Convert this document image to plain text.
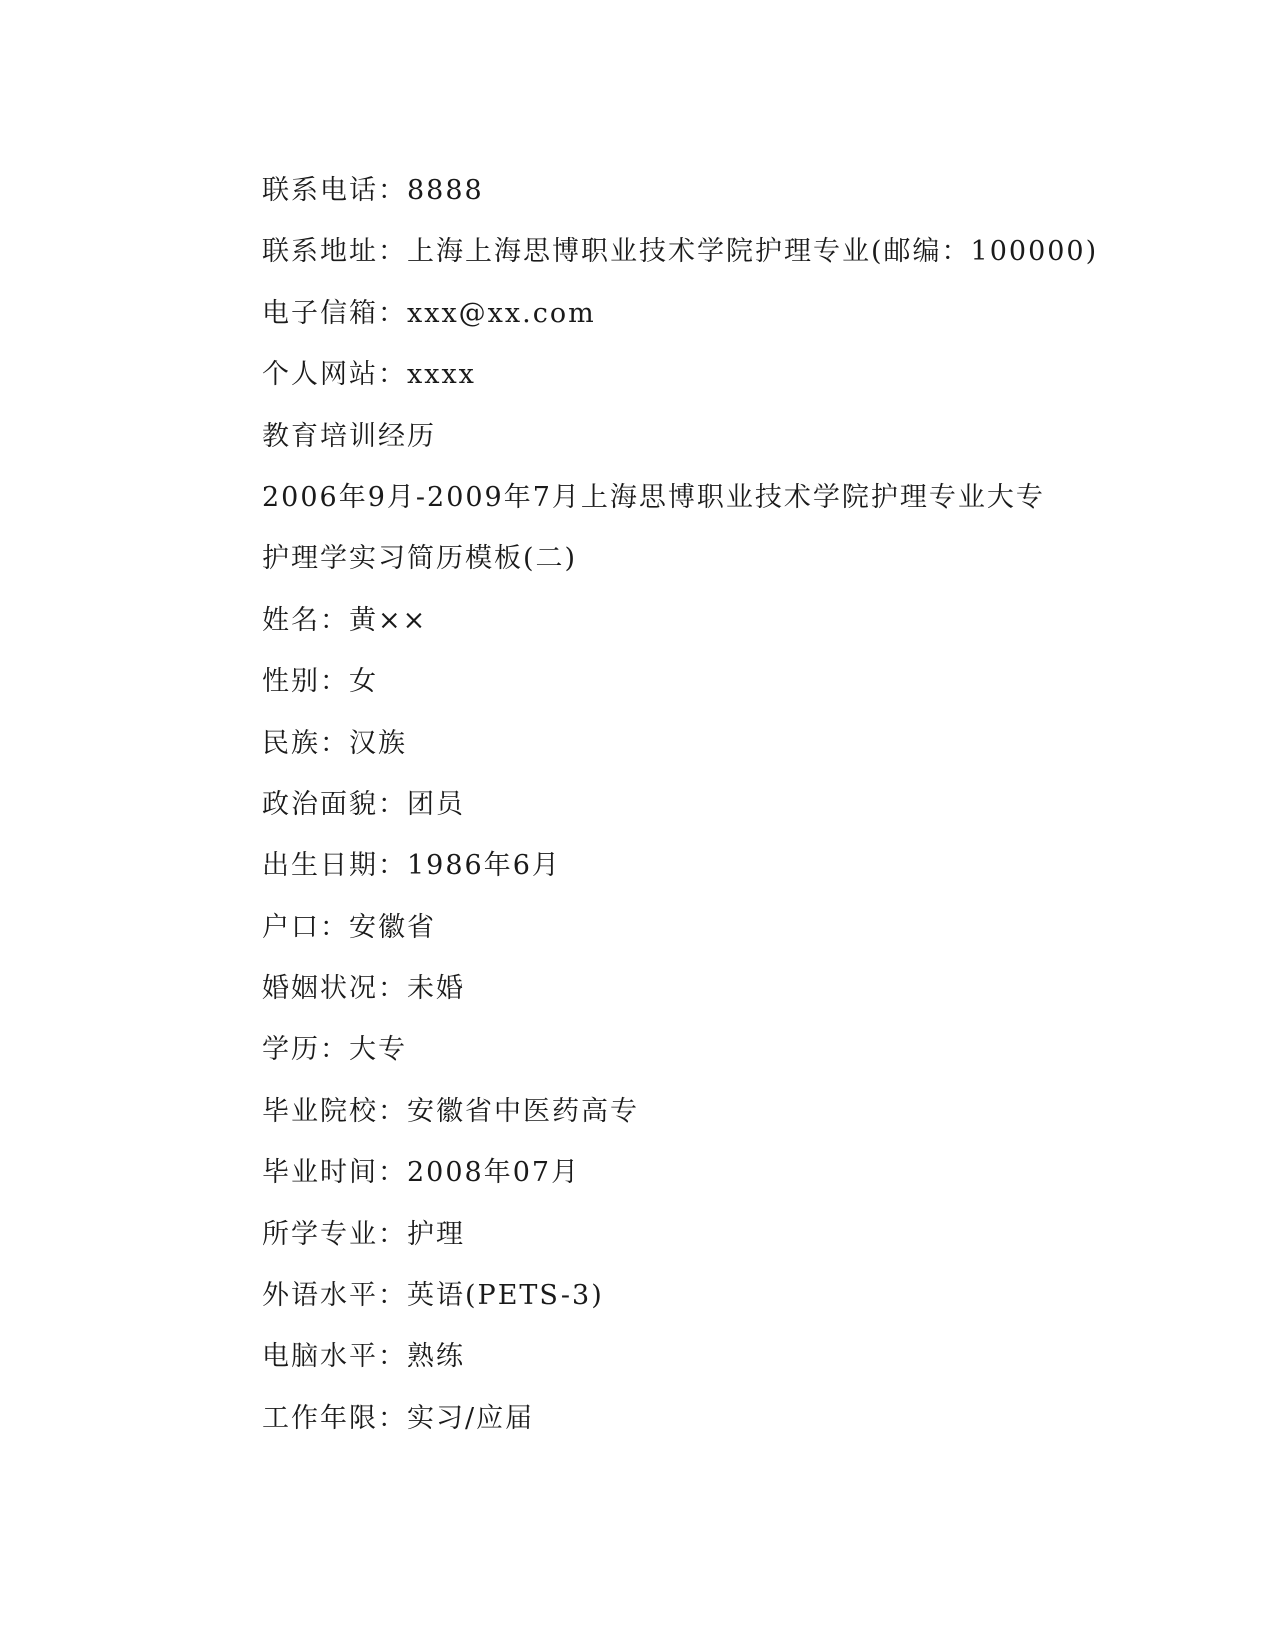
联系电话：8888
联系地址：上海上海思博职业技术学院护理专业(邮编：100000)
电子信箱：xxx@xx.com
个人网站：xxxx
教育培训经历
2006年9月-2009年7月上海思博职业技术学院护理专业大专
护理学实习简历模板(二)
姓名：黄××
性别：女
民族：汉族
政治面貌：团员
出生日期：1986年6月
户口：安徽省
婚姻状况：未婚
学历：大专
毕业院校：安徽省中医药高专
毕业时间：2008年07月
所学专业：护理
外语水平：英语(PETS-3)
电脑水平：熟练
工作年限：实习/应届
